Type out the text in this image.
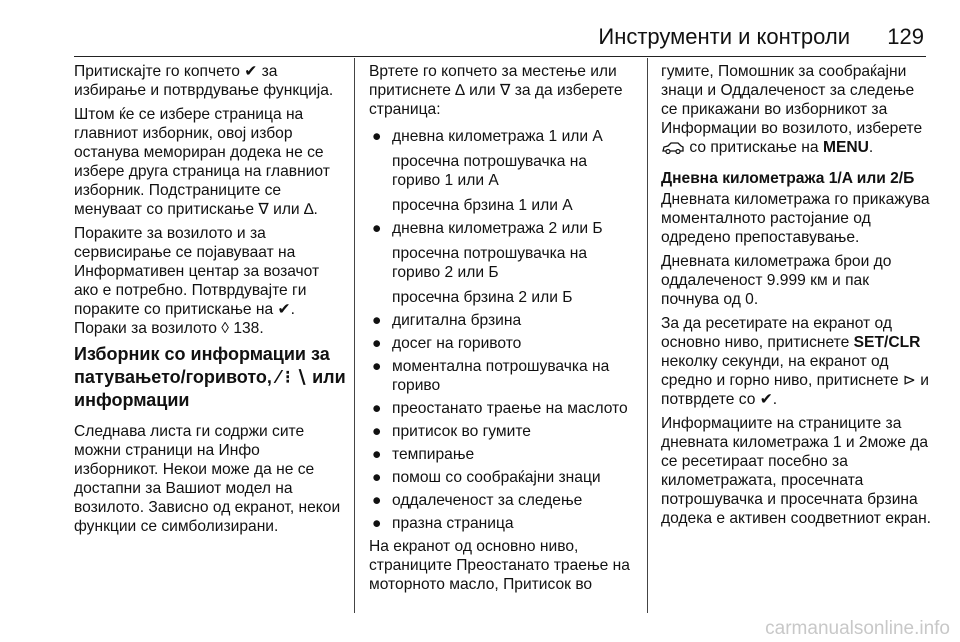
Инструменти и контроли 129

Притискајте го копчето ✔ за избирање и потврдување функција.

Штом ќе се избере страница на главниот изборник, овој избор останува меморирaн додека не се избере друга страница на главниот изборник. Подстраниците се менуваат со притискање ∇ или ∆.

Пораките за возилото и за сервисирање се појавуваат на Информативен центар за возачот ако е потребно. Потврдувајте ги пораките со притискање на ✔.

Пораки за возилото ◊ 138.

Изборник со информации за патувањето/горивото, ⁄ ⁝ ∖ или информации

Следнава листа ги содржи сите можни страници на Инфо изборникот. Некои може да не се достапни за Вашиот модел на возилото. Зависно од екранот, некои функции се симболизирани.

Вртете го копчето за местење или притиснете ∆ или ∇ за да изберете страница:

● дневна километража 1 или А

просечна потрошувачка на гориво 1 или А

просечна брзина 1 или А

● дневна километража 2 или Б

просечна потрошувачка на гориво 2 или Б

просечна брзина 2 или Б

● дигитална брзина

● досег на горивото

● моментална потрошувачка на гориво

● преостанато траење на маслото

● притисок во гумите

● темпирање

● помош со сообраќајни знаци

● оддалеченост за следење

● празна страница

На екранот од основно ниво, страниците Преостанато траење на моторното масло, Притисок во

гумите, Помошник за сообраќајни знаци и Оддалеченост за следење се прикажани во изборникот за Информации во возилото, изберете  со притискање на MENU.

Дневна километража 1/A или 2/Б

Дневната километража го прикажува моменталното растојание од одредено препоставување.

Дневната километража брои до оддалеченост 9.999 км и пак почнува од 0.

За да ресетирате на екранот од основно ниво, притиснете SET/CLR неколку секунди, на екранот од средно и горно ниво, притиснете ⊳ и потврдете со ✔.

Информациите на страниците за дневната километража 1 и 2може да се ресетираат посебно за километражата, просечната потрошувачка и просечната брзина додека е активен соодветниот екран.

carmanualsonline.info
